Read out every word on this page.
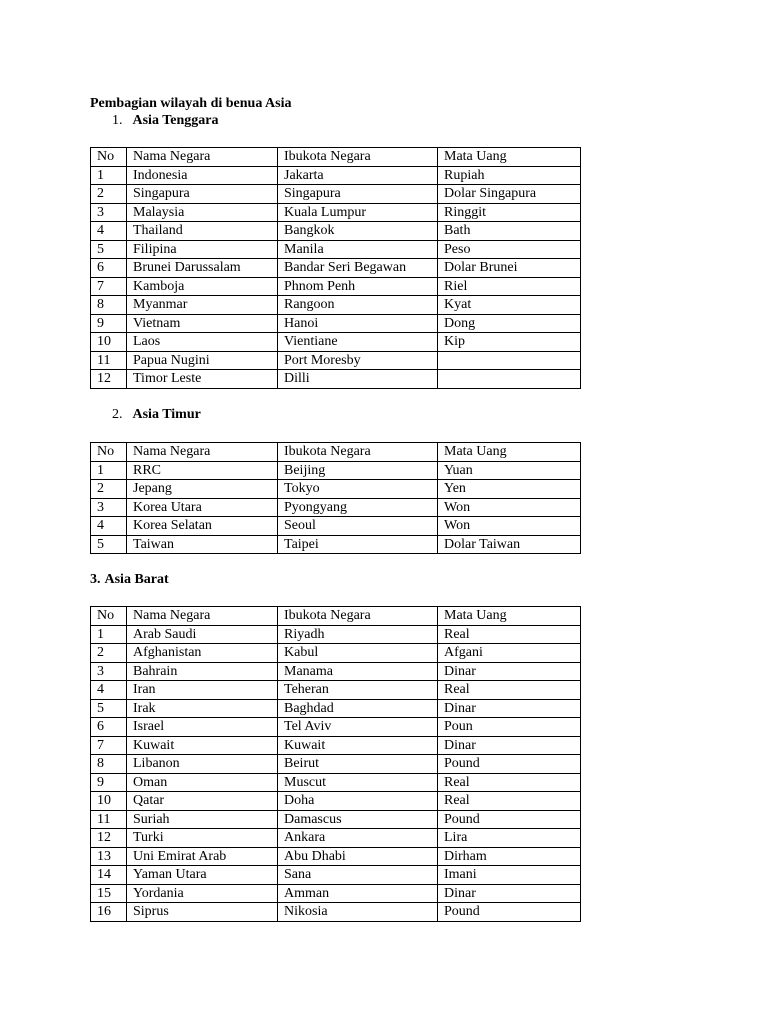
Pembagian wilayah di benua Asia
1. Asia Tenggara
No	Nama Negara	Ibukota Negara	Mata Uang
1	Indonesia	Jakarta	Rupiah
2	Singapura	Singapura	Dolar Singapura
3	Malaysia	Kuala Lumpur	Ringgit
4	Thailand	Bangkok	Bath
5	Filipina	Manila	Peso
6	Brunei Darussalam	Bandar Seri Begawan	Dolar Brunei
7	Kamboja	Phnom Penh	Riel
8	Myanmar	Rangoon	Kyat
9	Vietnam	Hanoi	Dong
10	Laos	Vientiane	Kip
11	Papua Nugini	Port Moresby	
12	Timor Leste	Dilli	
2. Asia Timur
No	Nama Negara	Ibukota Negara	Mata Uang
1	RRC	Beijing	Yuan
2	Jepang	Tokyo	Yen
3	Korea Utara	Pyongyang	Won
4	Korea Selatan	Seoul	Won
5	Taiwan	Taipei	Dolar Taiwan
3. Asia Barat
No	Nama Negara	Ibukota Negara	Mata Uang
1	Arab Saudi	Riyadh	Real
2	Afghanistan	Kabul	Afgani
3	Bahrain	Manama	Dinar
4	Iran	Teheran	Real
5	Irak	Baghdad	Dinar
6	Israel	Tel Aviv	Poun
7	Kuwait	Kuwait	Dinar
8	Libanon	Beirut	Pound
9	Oman	Muscut	Real
10	Qatar	Doha	Real
11	Suriah	Damascus	Pound
12	Turki	Ankara	Lira
13	Uni Emirat Arab	Abu Dhabi	Dirham
14	Yaman Utara	Sana	Imani
15	Yordania	Amman	Dinar
16	Siprus	Nikosia	Pound
